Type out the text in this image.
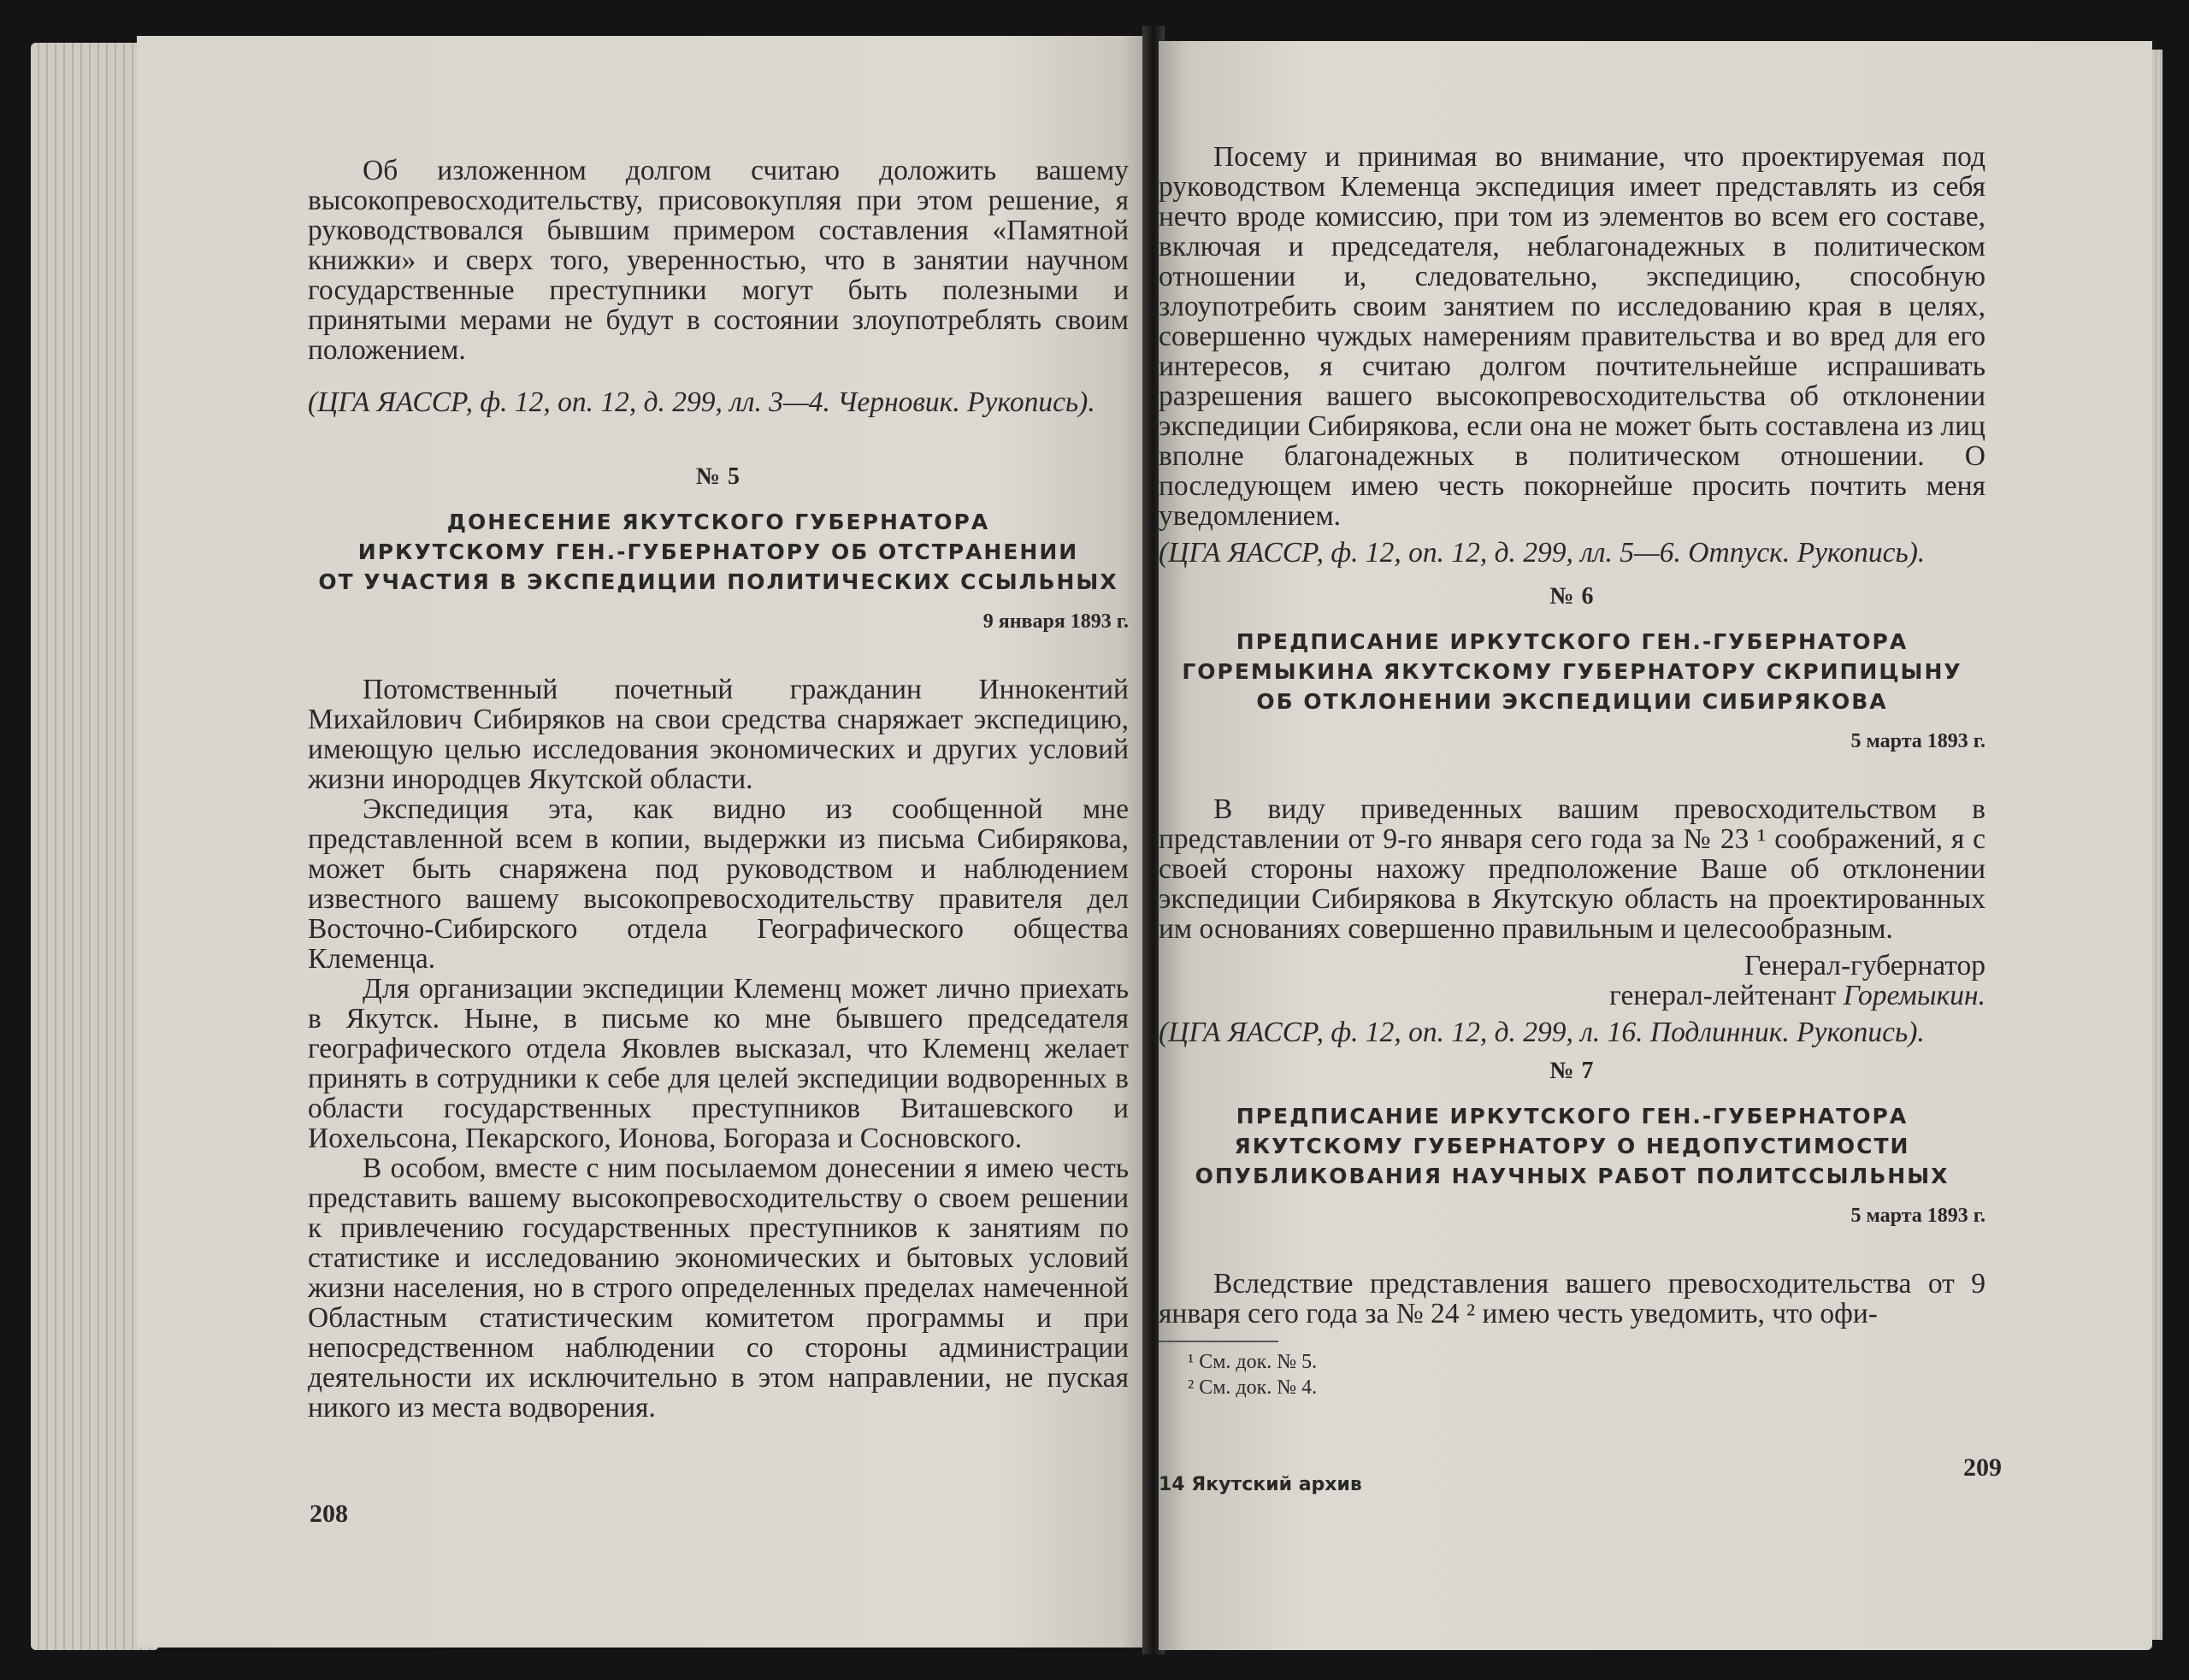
Об изложенном долгом считаю доложить вашему высокопревосходительству, присовокупляя при этом решение, я руководствовался бывшим примером составления «Памятной книжки» и сверх того, уверенностью, что в занятии научном государственные преступники могут быть полезными и принятыми мерами не будут в состоянии злоупотреблять своим положением.

(ЦГА ЯАССР, ф. 12, оп. 12, д. 299, лл. 3—4. Черновик. Рукопись).

№ 5
ДОНЕСЕНИЕ ЯКУТСКОГО ГУБЕРНАТОРА
ИРКУТСКОМУ ГЕН.-ГУБЕРНАТОРУ ОБ ОТСТРАНЕНИИ
ОТ УЧАСТИЯ В ЭКСПЕДИЦИИ ПОЛИТИЧЕСКИХ ССЫЛЬНЫХ
9 января 1893 г.

Потомственный почетный гражданин Иннокентий Михайлович Сибиряков на свои средства снаряжает экспедицию, имеющую целью исследования экономических и других условий жизни инородцев Якутской области.

Экспедиция эта, как видно из сообщенной мне представленной всем в копии, выдержки из письма Сибирякова, может быть снаряжена под руководством и наблюдением известного вашему высокопревосходительству правителя дел Восточно-Сибирского отдела Географического общества Клеменца.

Для организации экспедиции Клеменц может лично приехать в Якутск. Ныне, в письме ко мне бывшего председателя географического отдела Яковлев высказал, что Клеменц желает принять в сотрудники к себе для целей экспедиции водворенных в области государственных преступников Виташевского и Иохельсона, Пекарского, Ионова, Богораза и Сосновского.

В особом, вместе с ним посылаемом донесении я имею честь представить вашему высокопревосходительству о своем решении к привлечению государственных преступников к занятиям по статистике и исследованию экономических и бытовых условий жизни населения, но в строго определенных пределах намеченной Областным статистическим комитетом программы и при непосредственном наблюдении со стороны администрации деятельности их исключительно в этом направлении, не пуская никого из места водворения.

208

Посему и принимая во внимание, что проектируемая под руководством Клеменца экспедиция имеет представлять из себя нечто вроде комиссию, при том из элементов во всем его составе, включая и председателя, неблагонадежных в политическом отношении и, следовательно, экспедицию, способную злоупотребить своим занятием по исследованию края в целях, совершенно чуждых намерениям правительства и во вред для его интересов, я считаю долгом почтительнейше испрашивать разрешения вашего высокопревосходительства об отклонении экспедиции Сибирякова, если она не может быть составлена из лиц вполне благонадежных в политическом отношении. О последующем имею честь покорнейше просить почтить меня уведомлением.

(ЦГА ЯАССР, ф. 12, оп. 12, д. 299, лл. 5—6. Отпуск. Рукопись).

№ 6
ПРЕДПИСАНИЕ ИРКУТСКОГО ГЕН.-ГУБЕРНАТОРА
ГОРЕМЫКИНА ЯКУТСКОМУ ГУБЕРНАТОРУ СКРИПИЦЫНУ
ОБ ОТКЛОНЕНИИ ЭКСПЕДИЦИИ СИБИРЯКОВА
5 марта 1893 г.

В виду приведенных вашим превосходительством в представлении от 9-го января сего года за № 23 ¹ соображений, я с своей стороны нахожу предположение Ваше об отклонении экспедиции Сибирякова в Якутскую область на проектированных им основаниях совершенно правильным и целесообразным.

Генерал-губернатор
генерал-лейтенант Горемыкин.

(ЦГА ЯАССР, ф. 12, оп. 12, д. 299, л. 16. Подлинник. Рукопись).

№ 7
ПРЕДПИСАНИЕ ИРКУТСКОГО ГЕН.-ГУБЕРНАТОРА
ЯКУТСКОМУ ГУБЕРНАТОРУ О НЕДОПУСТИМОСТИ
ОПУБЛИКОВАНИЯ НАУЧНЫХ РАБОТ ПОЛИТССЫЛЬНЫХ
5 марта 1893 г.

Вследствие представления вашего превосходительства от 9 января сего года за № 24 ² имею честь уведомить, что офи-

¹ См. док. № 5.
² См. док. № 4.
14 Якутский архив
209
